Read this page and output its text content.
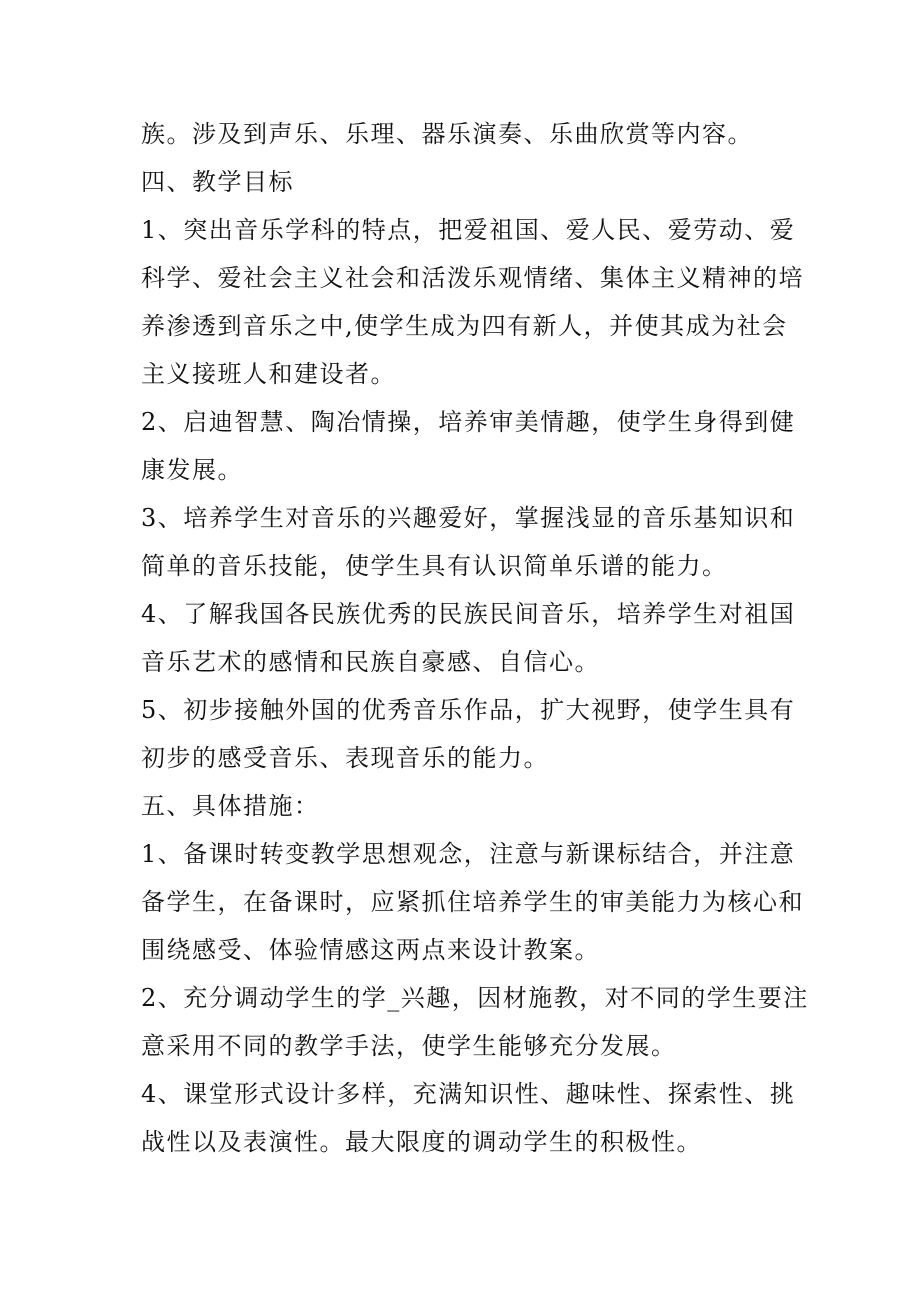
族。涉及到声乐、乐理、器乐演奏、乐曲欣赏等内容。
四、教学目标
1、突出音乐学科的特点，把爱祖国、爱人民、爱劳动、爱
科学、爱社会主义社会和活泼乐观情绪、集体主义精神的培
养渗透到音乐之中,使学生成为四有新人，并使其成为社会
主义接班人和建设者。
2、启迪智慧、陶冶情操，培养审美情趣，使学生身得到健
康发展。
3、培养学生对音乐的兴趣爱好，掌握浅显的音乐基知识和
简单的音乐技能，使学生具有认识简单乐谱的能力。
4、了解我国各民族优秀的民族民间音乐，培养学生对祖国
音乐艺术的感情和民族自豪感、自信心。
5、初步接触外国的优秀音乐作品，扩大视野，使学生具有
初步的感受音乐、表现音乐的能力。
五、具体措施：
1、备课时转变教学思想观念，注意与新课标结合，并注意
备学生，在备课时，应紧抓住培养学生的审美能力为核心和
围绕感受、体验情感这两点来设计教案。
2、充分调动学生的学_兴趣，因材施教，对不同的学生要注
意采用不同的教学手法，使学生能够充分发展。
4、课堂形式设计多样，充满知识性、趣味性、探索性、挑
战性以及表演性。最大限度的调动学生的积极性。
